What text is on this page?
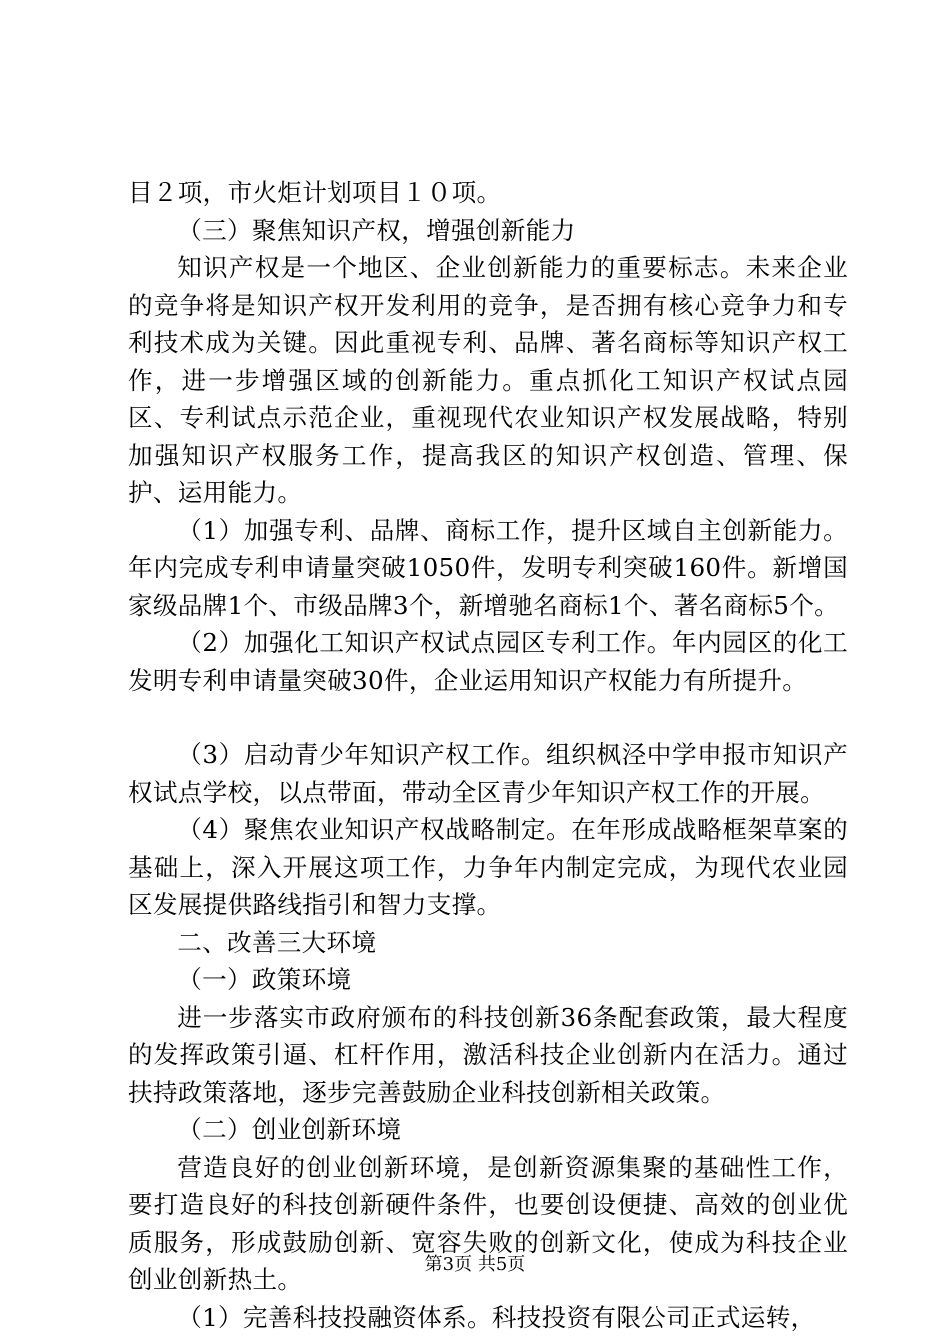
目２项，市火炬计划项目１０项。

（三）聚焦知识产权，增强创新能力

知识产权是一个地区、企业创新能力的重要标志。未来企业的竞争将是知识产权开发利用的竞争，是否拥有核心竞争力和专利技术成为关键。因此重视专利、品牌、著名商标等知识产权工作，进一步增强区域的创新能力。重点抓化工知识产权试点园区、专利试点示范企业，重视现代农业知识产权发展战略，特别加强知识产权服务工作，提高我区的知识产权创造、管理、保护、运用能力。

（1）加强专利、品牌、商标工作，提升区域自主创新能力。年内完成专利申请量突破1050件，发明专利突破160件。新增国家级品牌1个、市级品牌3个，新增驰名商标1个、著名商标5个。

（2）加强化工知识产权试点园区专利工作。年内园区的化工发明专利申请量突破30件，企业运用知识产权能力有所提升。

（3）启动青少年知识产权工作。组织枫泾中学申报市知识产权试点学校，以点带面，带动全区青少年知识产权工作的开展。

（4）聚焦农业知识产权战略制定。在年形成战略框架草案的基础上，深入开展这项工作，力争年内制定完成，为现代农业园区发展提供路线指引和智力支撑。

二、改善三大环境

（一）政策环境

进一步落实市政府颁布的科技创新36条配套政策，最大程度的发挥政策引逼、杠杆作用，激活科技企业创新内在活力。通过扶持政策落地，逐步完善鼓励企业科技创新相关政策。

（二）创业创新环境

营造良好的创业创新环境，是创新资源集聚的基础性工作，要打造良好的科技创新硬件条件，也要创设便捷、高效的创业优质服务，形成鼓励创新、宽容失败的创新文化，使成为科技企业创业创新热土。

（1）完善科技投融资体系。科技投资有限公司正式运转，

第3页 共5页
